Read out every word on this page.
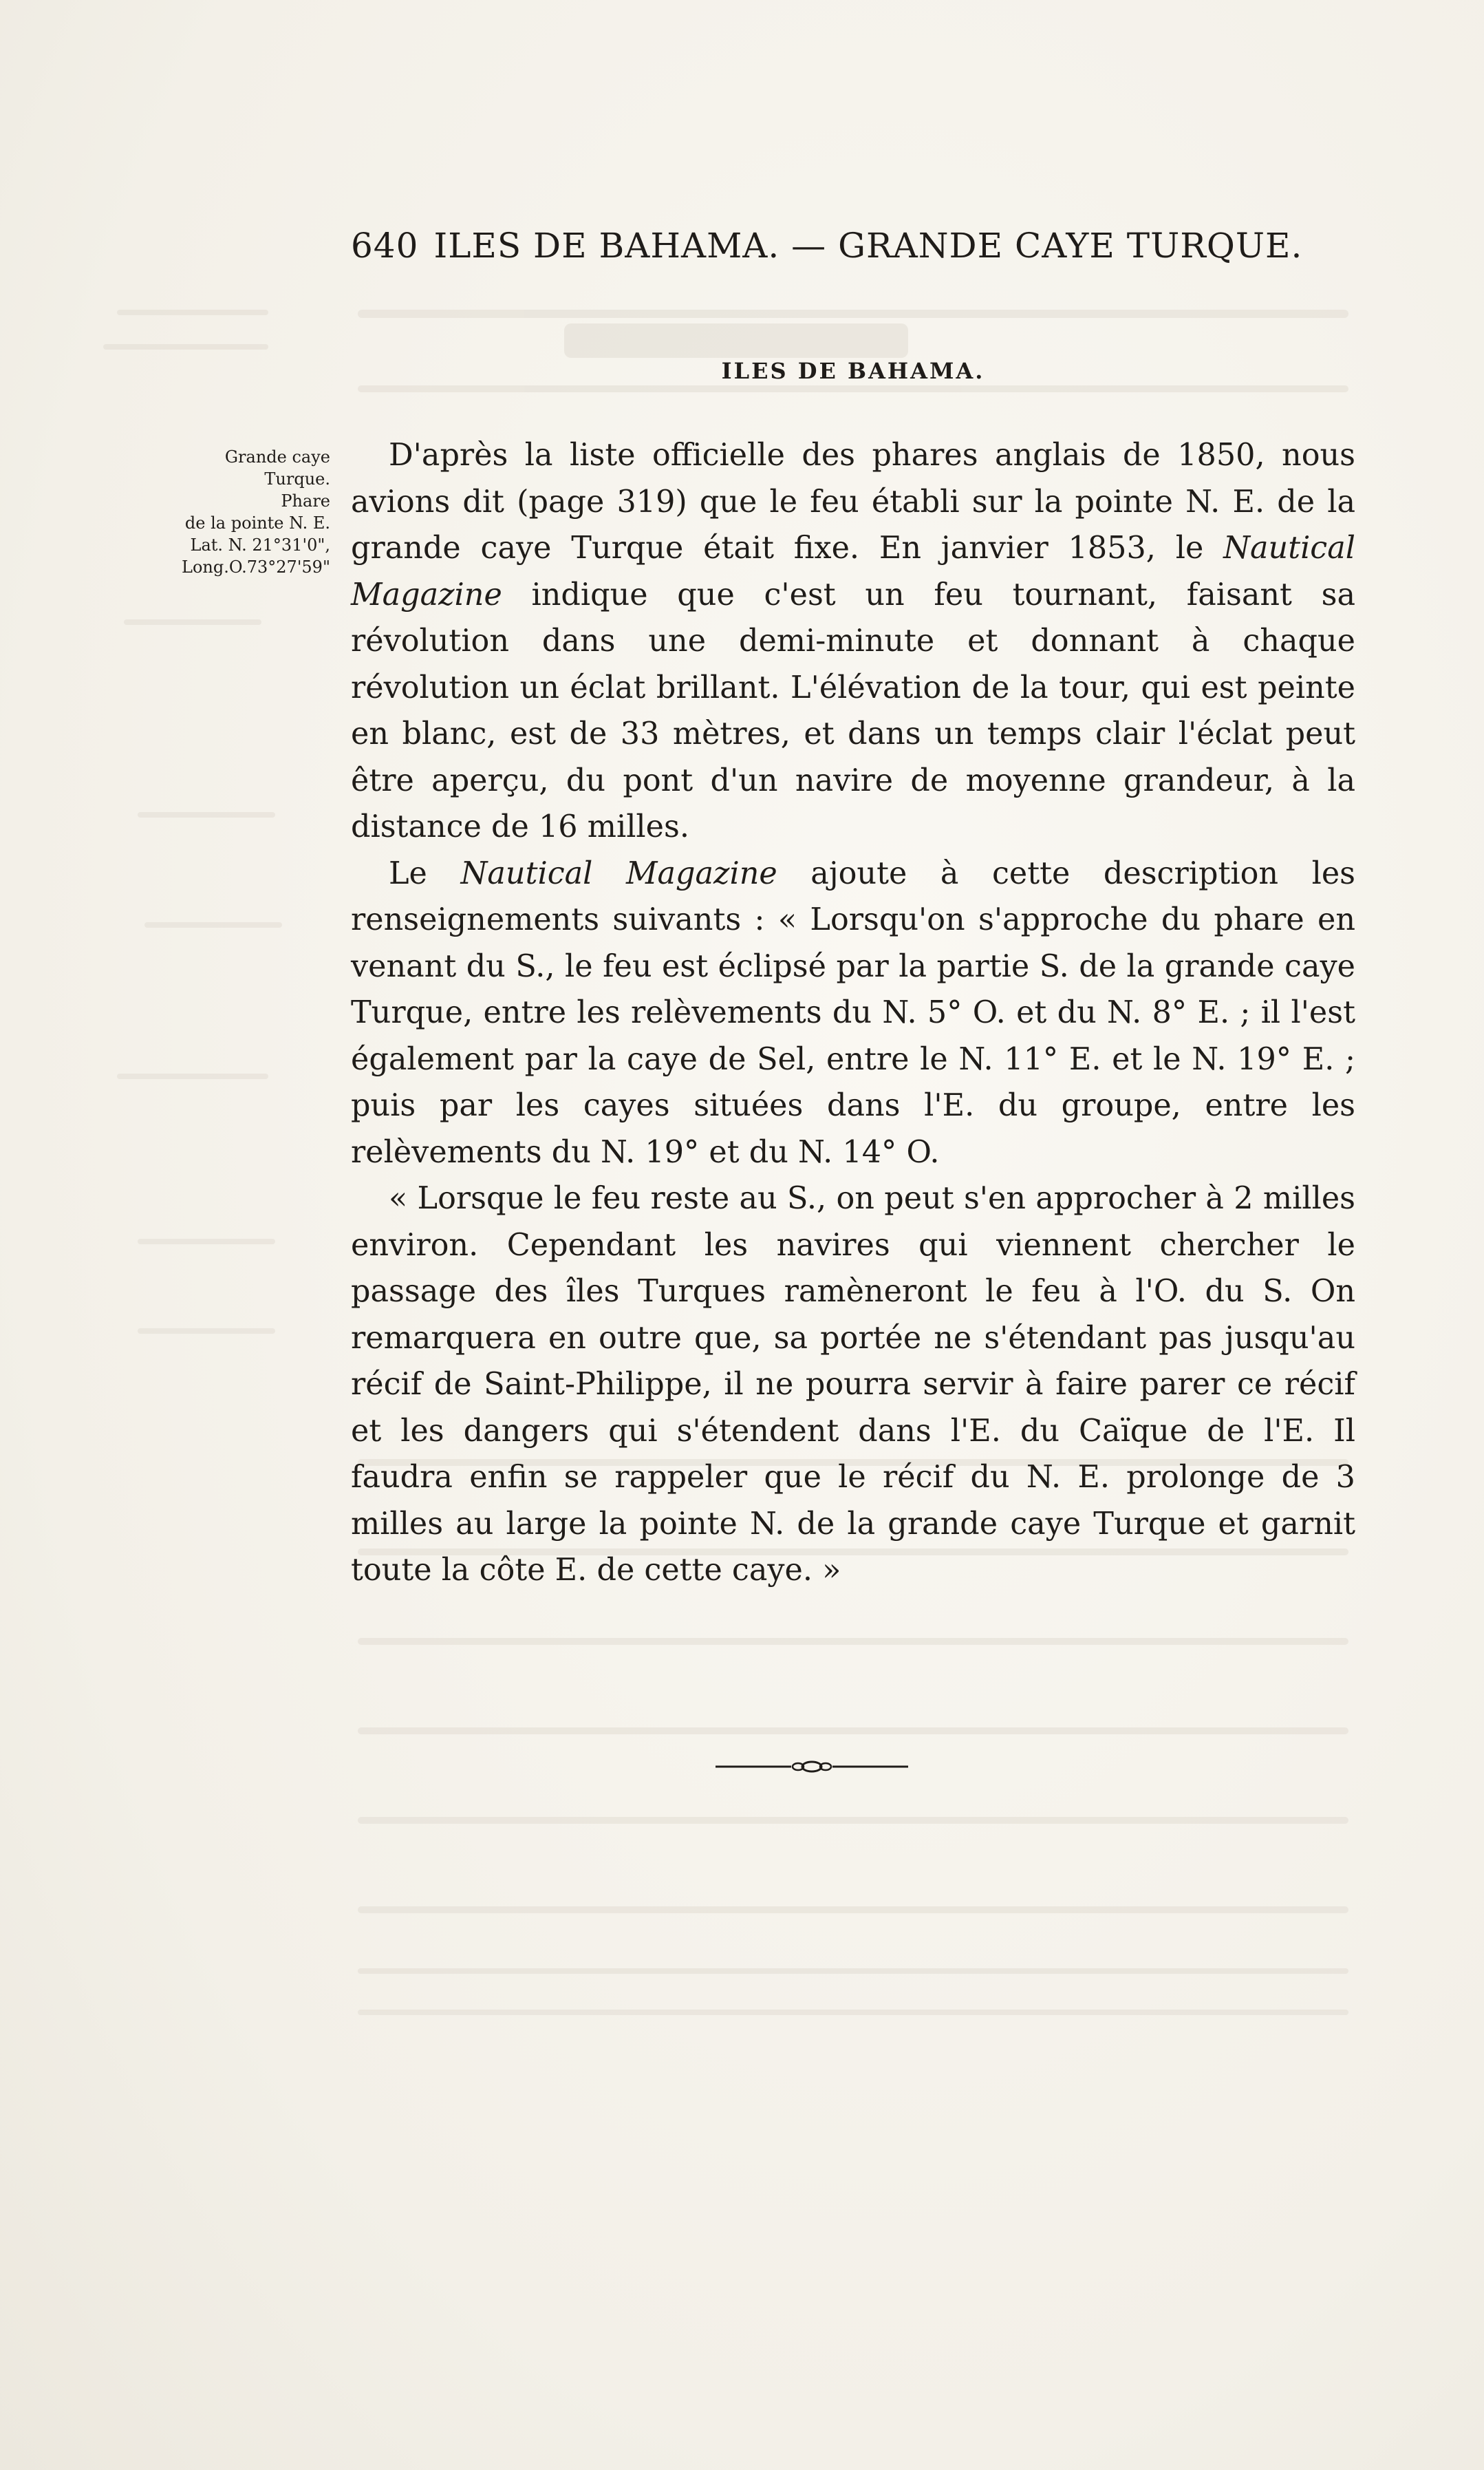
640 ILES DE BAHAMA. — GRANDE CAYE TURQUE.
ILES DE BAHAMA.
Grande caye
Turque.
Phare
de la pointe N. E.
Lat. N. 21°31'0",
Long.O.73°27'59"

D'après la liste officielle des phares anglais de 1850, nous avions dit (page 319) que le feu établi sur la pointe N. E. de la grande caye Turque était fixe. En janvier 1853, le Nautical Magazine indique que c'est un feu tournant, faisant sa révolution dans une demi-minute et donnant à chaque révolution un éclat brillant. L'élévation de la tour, qui est peinte en blanc, est de 33 mètres, et dans un temps clair l'éclat peut être aperçu, du pont d'un navire de moyenne grandeur, à la distance de 16 milles.

Le Nautical Magazine ajoute à cette description les renseignements suivants : « Lorsqu'on s'approche du phare en venant du S., le feu est éclipsé par la partie S. de la grande caye Turque, entre les relèvements du N. 5° O. et du N. 8° E. ; il l'est également par la caye de Sel, entre le N. 11° E. et le N. 19° E. ; puis par les cayes situées dans l'E. du groupe, entre les relèvements du N. 19° et du N. 14° O.

« Lorsque le feu reste au S., on peut s'en approcher à 2 milles environ. Cependant les navires qui viennent chercher le passage des îles Turques ramèneront le feu à l'O. du S. On remarquera en outre que, sa portée ne s'étendant pas jusqu'au récif de Saint-Philippe, il ne pourra servir à faire parer ce récif et les dangers qui s'étendent dans l'E. du Caïque de l'E. Il faudra enfin se rappeler que le récif du N. E. prolonge de 3 milles au large la pointe N. de la grande caye Turque et garnit toute la côte E. de cette caye. »
